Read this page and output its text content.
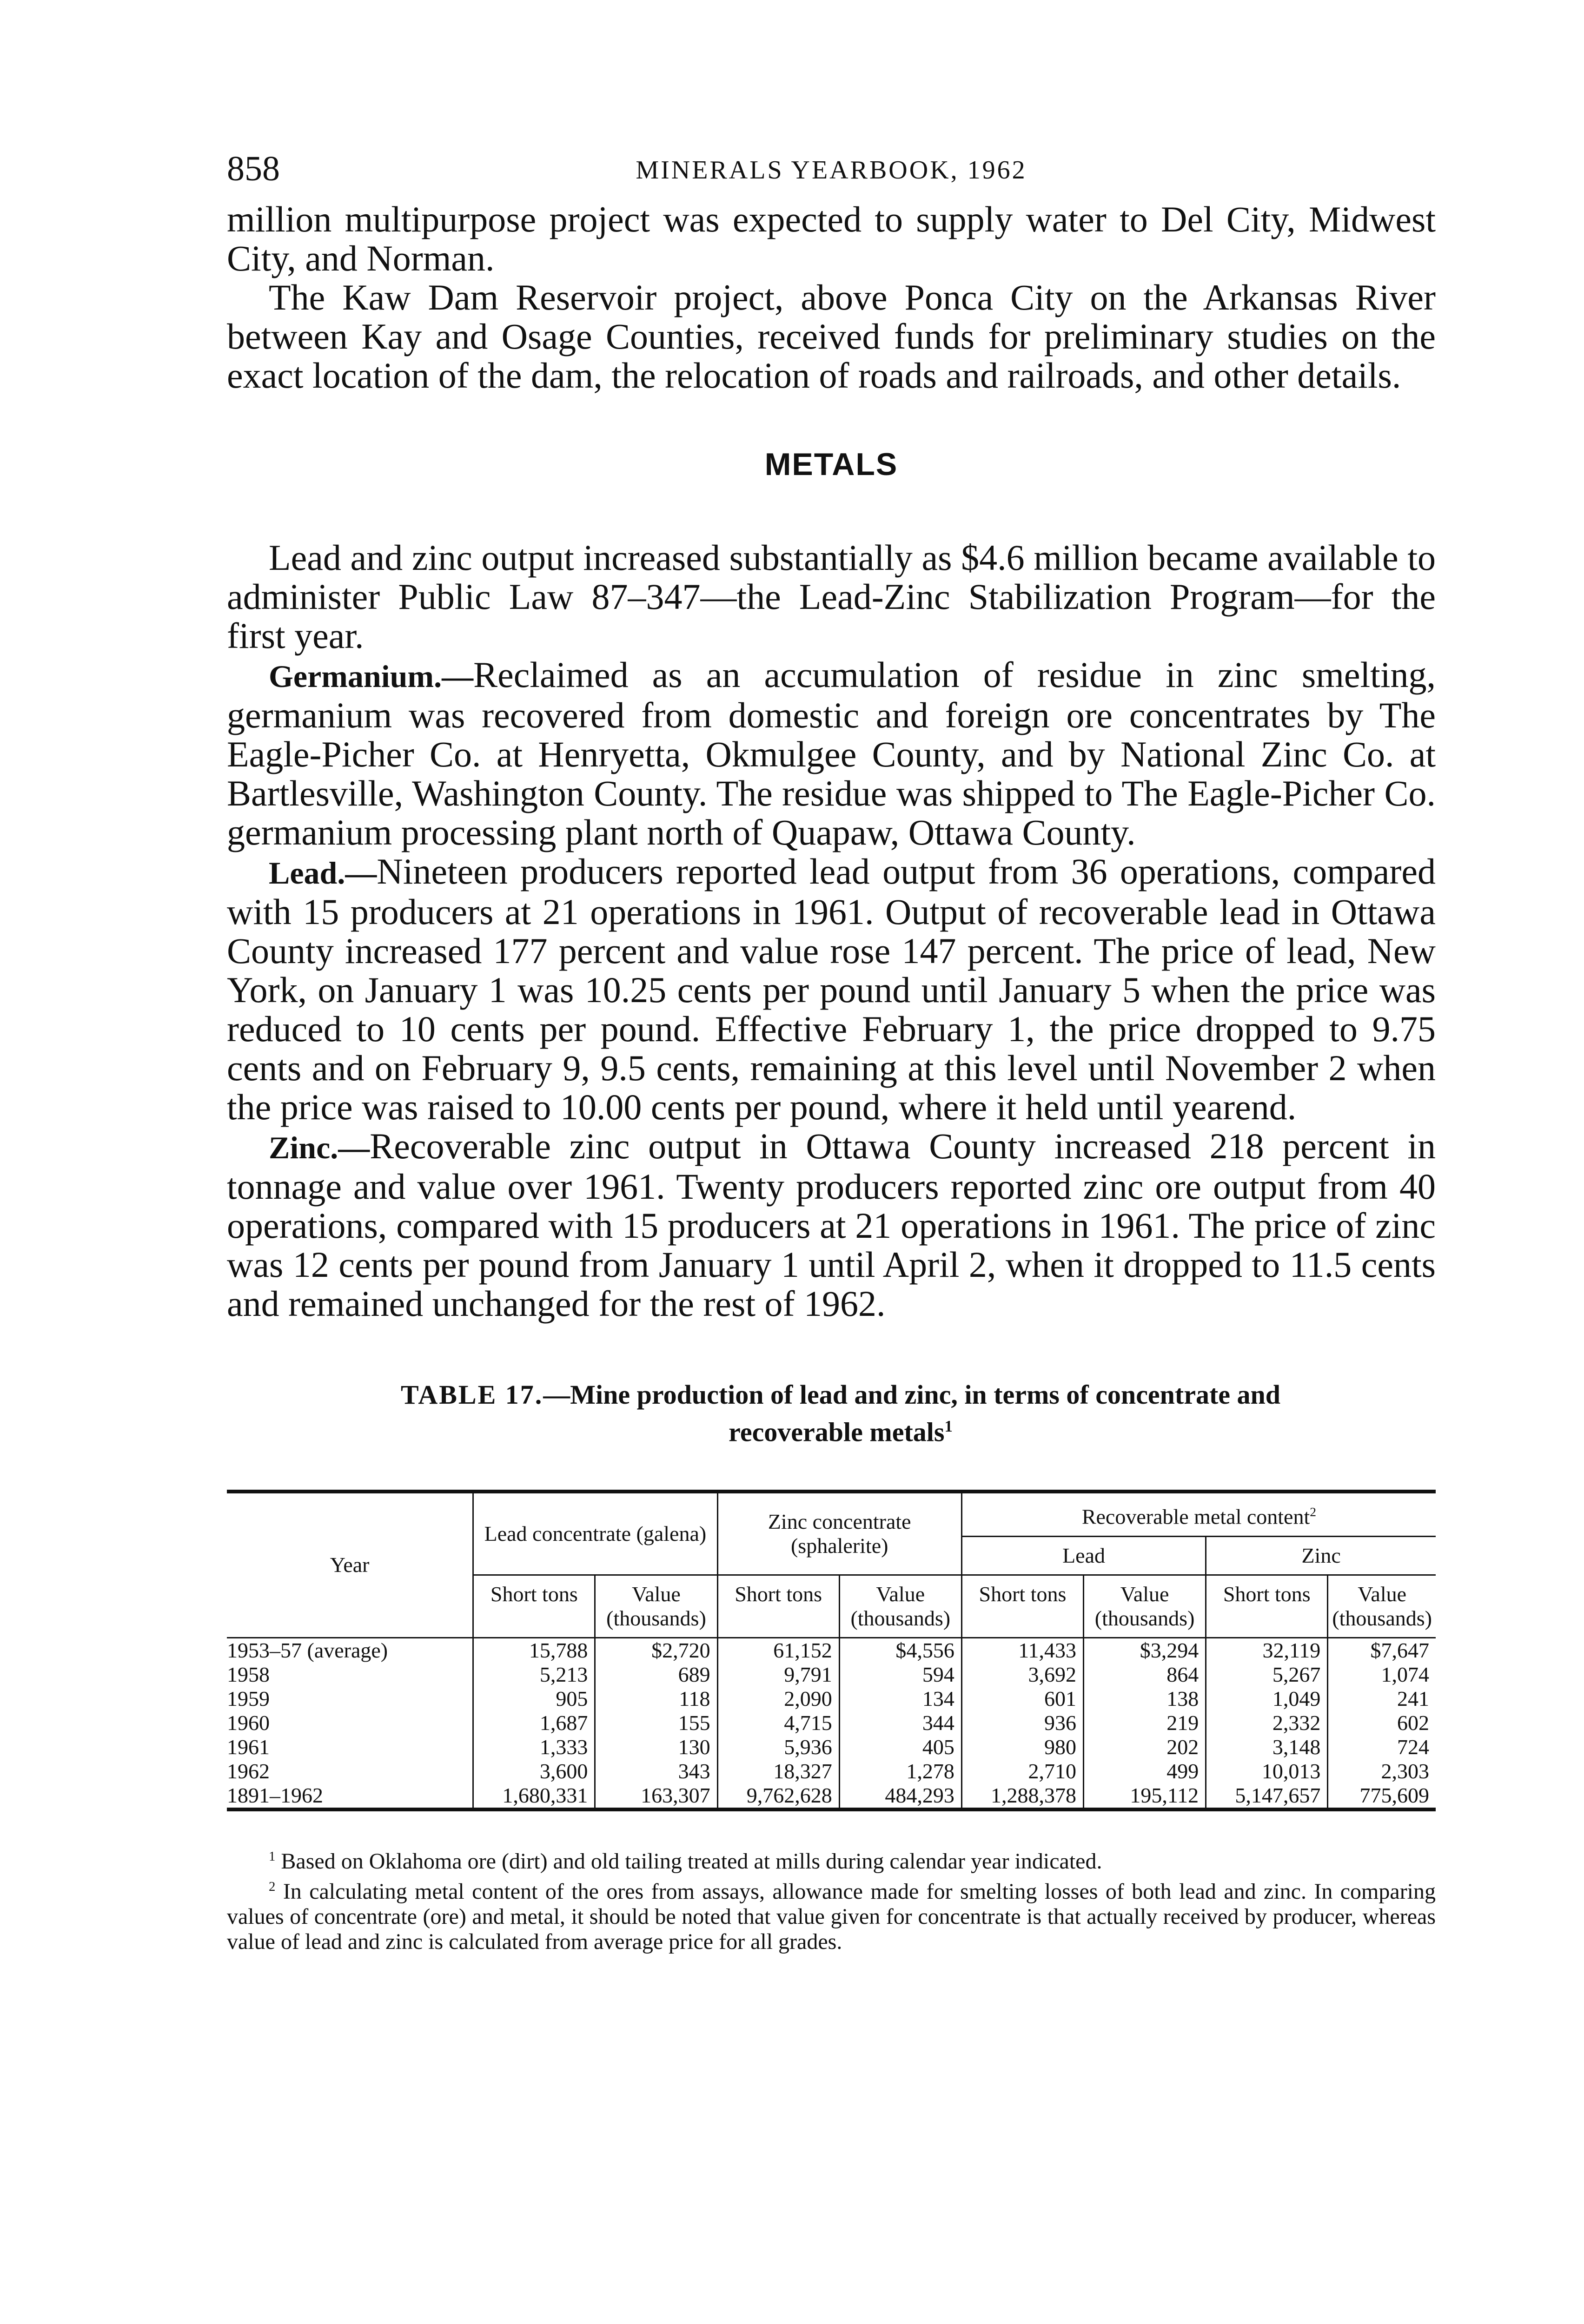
858	MINERALS YEARBOOK, 1962

million multipurpose project was expected to supply water to Del City, Midwest City, and Norman.

The Kaw Dam Reservoir project, above Ponca City on the Arkansas River between Kay and Osage Counties, received funds for preliminary studies on the exact location of the dam, the relocation of roads and railroads, and other details.

METALS

Lead and zinc output increased substantially as $4.6 million became available to administer Public Law 87–347—the Lead-Zinc Stabilization Program—for the first year.

Germanium.—Reclaimed as an accumulation of residue in zinc smelting, germanium was recovered from domestic and foreign ore concentrates by The Eagle-Picher Co. at Henryetta, Okmulgee County, and by National Zinc Co. at Bartlesville, Washington County. The residue was shipped to The Eagle-Picher Co. germanium processing plant north of Quapaw, Ottawa County.

Lead.—Nineteen producers reported lead output from 36 operations, compared with 15 producers at 21 operations in 1961. Output of recoverable lead in Ottawa County increased 177 percent and value rose 147 percent. The price of lead, New York, on January 1 was 10.25 cents per pound until January 5 when the price was reduced to 10 cents per pound. Effective February 1, the price dropped to 9.75 cents and on February 9, 9.5 cents, remaining at this level until November 2 when the price was raised to 10.00 cents per pound, where it held until yearend.

Zinc.—Recoverable zinc output in Ottawa County increased 218 percent in tonnage and value over 1961. Twenty producers reported zinc ore output from 40 operations, compared with 15 producers at 21 operations in 1961. The price of zinc was 12 cents per pound from January 1 until April 2, when it dropped to 11.5 cents and remained unchanged for the rest of 1962.

TABLE 17.—Mine production of lead and zinc, in terms of concentrate and
recoverable metals$^1$
Year	Lead concentrate (galena)		Zinc concentrate (sphalerite)		Recoverable metal content$^2$
					Lead		Zinc	
	Short tons	Value (thousands)	Short tons	Value (thousands)	Short tons	Value (thousands)	Short tons	Value (thousands)
1953–57 (average)	15,788	$2,720	61,152	$4,556	11,433	$3,294	32,119	$7,647
1958	5,213	689	9,791	594	3,692	864	5,267	1,074
1959	905	118	2,090	134	601	138	1,049	241
1960	1,687	155	4,715	344	936	219	2,332	602
1961	1,333	130	5,936	405	980	202	3,148	724
1962	3,600	343	18,327	1,278	2,710	499	10,013	2,303
1891–1962	1,680,331	163,307	9,762,628	484,293	1,288,378	195,112	5,147,657	775,609

$^1$ Based on Oklahoma ore (dirt) and old tailing treated at mills during calendar year indicated.

$^2$ In calculating metal content of the ores from assays, allowance made for smelting losses of both lead and zinc. In comparing values of concentrate (ore) and metal, it should be noted that value given for concentrate is that actually received by producer, whereas value of lead and zinc is calculated from average price for all grades.
